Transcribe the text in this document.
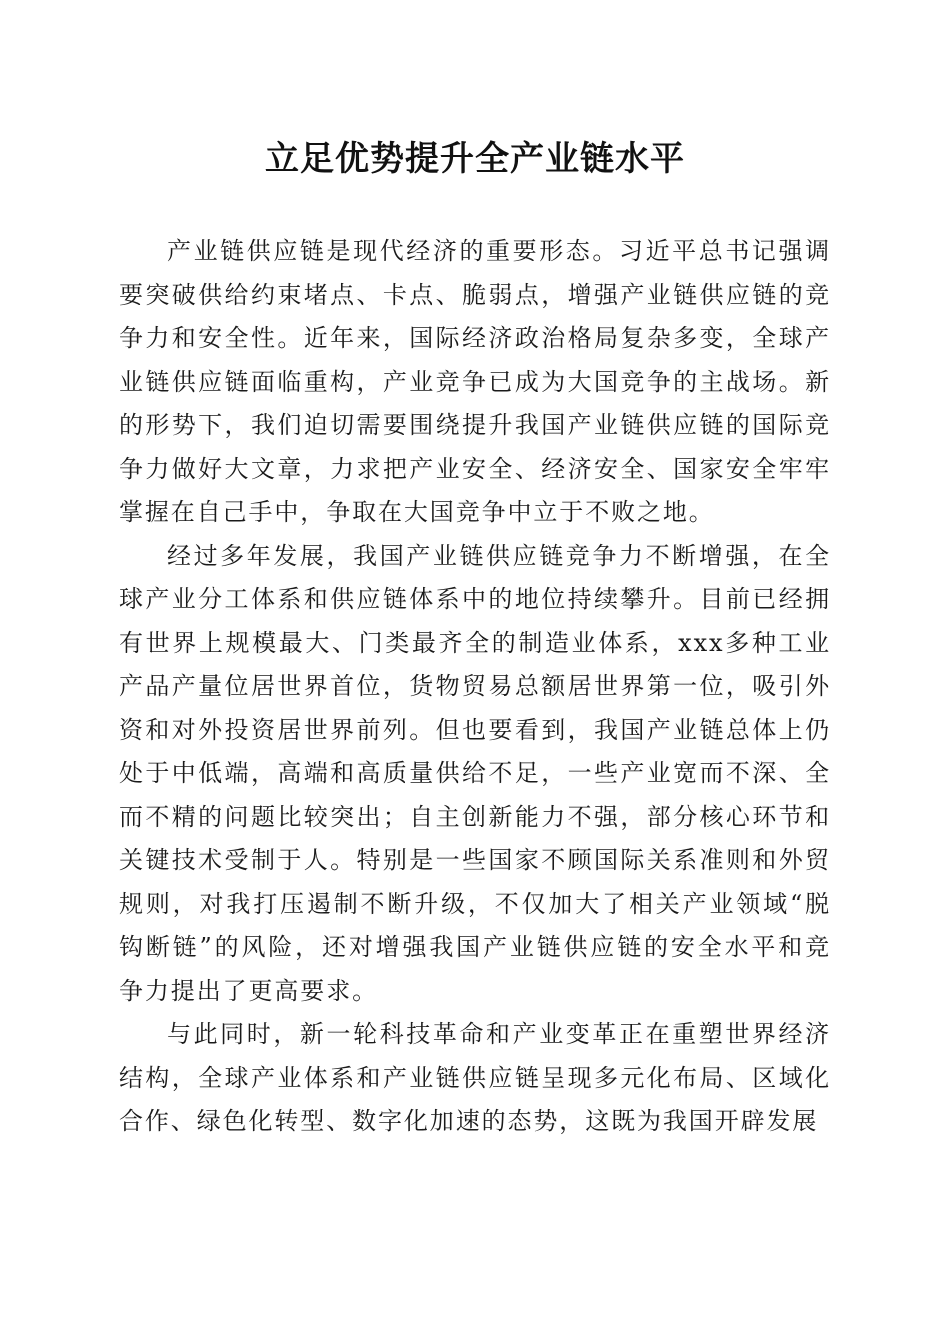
立足优势提升全产业链水平

产业链供应链是现代经济的重要形态。习近平总书记强调要突破供给约束堵点、卡点、脆弱点，增强产业链供应链的竞争力和安全性。近年来，国际经济政治格局复杂多变，全球产业链供应链面临重构，产业竞争已成为大国竞争的主战场。新的形势下，我们迫切需要围绕提升我国产业链供应链的国际竞争力做好大文章，力求把产业安全、经济安全、国家安全牢牢掌握在自己手中，争取在大国竞争中立于不败之地。

经过多年发展，我国产业链供应链竞争力不断增强，在全球产业分工体系和供应链体系中的地位持续攀升。目前已经拥有世界上规模最大、门类最齐全的制造业体系，xxx多种工业产品产量位居世界首位，货物贸易总额居世界第一位，吸引外资和对外投资居世界前列。但也要看到，我国产业链总体上仍处于中低端，高端和高质量供给不足，一些产业宽而不深、全而不精的问题比较突出；自主创新能力不强，部分核心环节和关键技术受制于人。特别是一些国家不顾国际关系准则和外贸规则，对我打压遏制不断升级，不仅加大了相关产业领域“脱钩断链”的风险，还对增强我国产业链供应链的安全水平和竞争力提出了更高要求。

与此同时，新一轮科技革命和产业变革正在重塑世界经济结构，全球产业体系和产业链供应链呈现多元化布局、区域化合作、绿色化转型、数字化加速的态势，这既为我国开辟发展
